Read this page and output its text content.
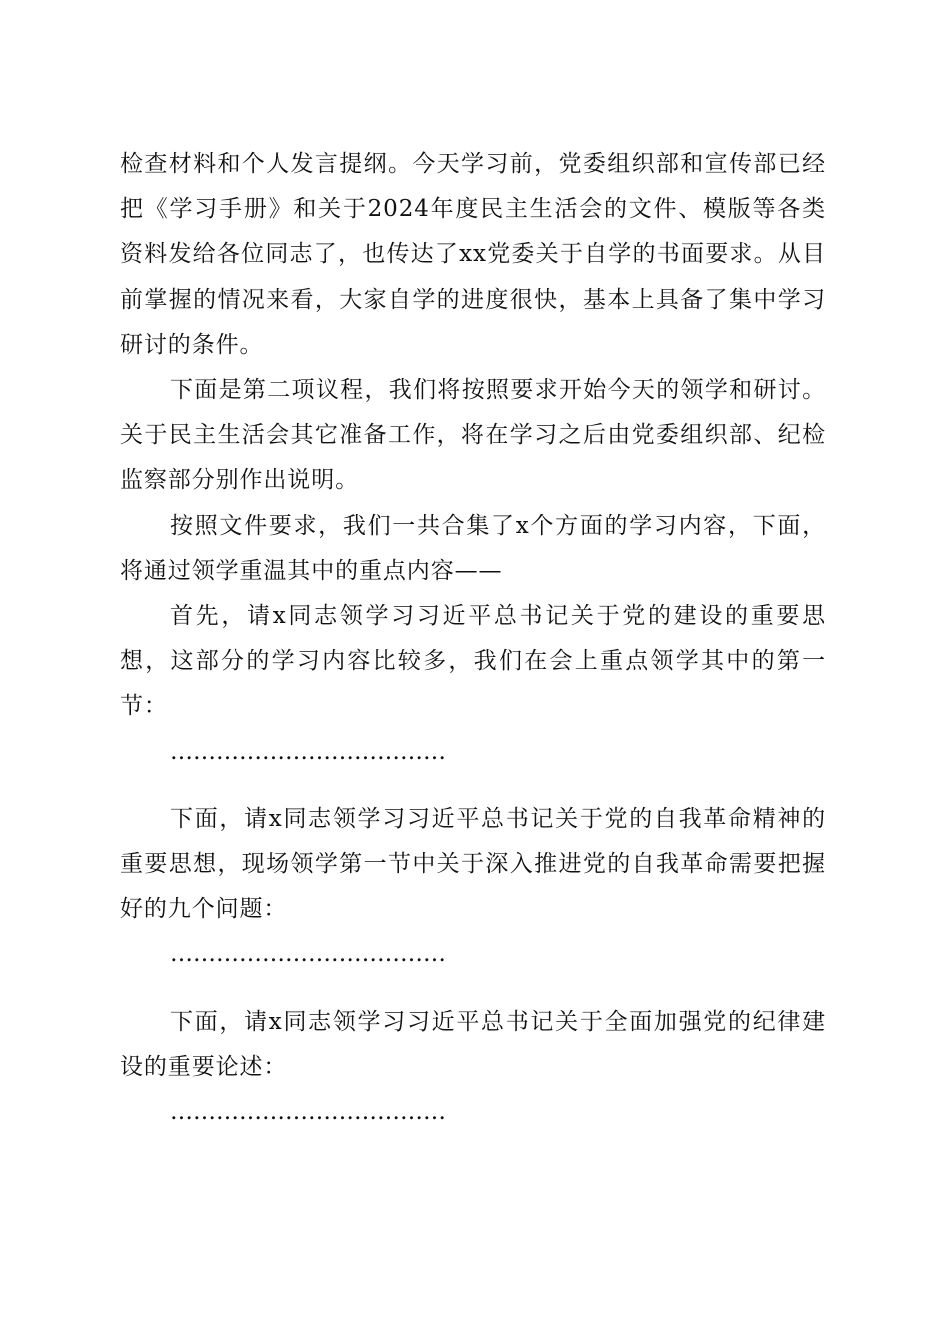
检查材料和个人发言提纲。今天学习前，党委组织部和宣传部已经把《学习手册》和关于2024年度民主生活会的文件、模版等各类资料发给各位同志了，也传达了xx党委关于自学的书面要求。从目前掌握的情况来看，大家自学的进度很快，基本上具备了集中学习研讨的条件。

下面是第二项议程，我们将按照要求开始今天的领学和研讨。关于民主生活会其它准备工作，将在学习之后由党委组织部、纪检监察部分别作出说明。

按照文件要求，我们一共合集了x个方面的学习内容，下面，将通过领学重温其中的重点内容——

首先，请x同志领学习习近平总书记关于党的建设的重要思想，这部分的学习内容比较多，我们在会上重点领学其中的第一节：

………………………………

下面，请x同志领学习习近平总书记关于党的自我革命精神的重要思想，现场领学第一节中关于深入推进党的自我革命需要把握好的九个问题：

………………………………

下面，请x同志领学习习近平总书记关于全面加强党的纪律建设的重要论述：

………………………………
